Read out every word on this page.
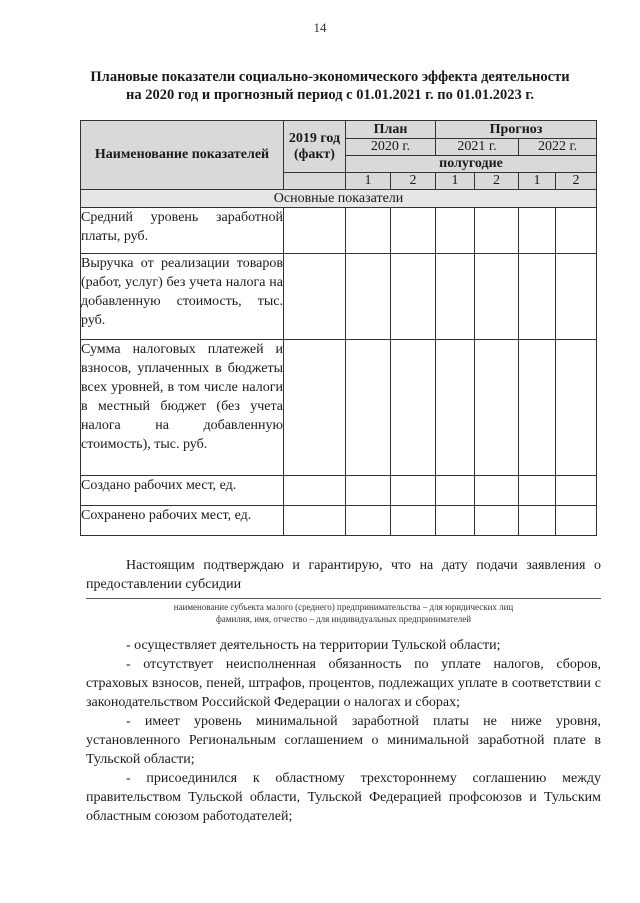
14
Плановые показатели социально-экономического эффекта деятельности
на 2020 год и прогнозный период с 01.01.2021 г. по 01.01.2023 г.
Наименование показателей	2019 год (факт)	План		Прогноз			
		2020 г.		2021 г.		2022 г.	
		полугодие					
		1	2	1	2	1	2
Основные показатели							
Средний уровень заработной платы, руб.							
Выручка от реализации товаров (работ, услуг) без учета налога на добавленную стоимость, тыс. руб.							
Сумма налоговых платежей и взносов, уплаченных в бюджеты всех уровней, в том числе налоги в местный бюджет (без учета налога на добавленную стоимость), тыс. руб.							
Создано рабочих мест, ед.							
Сохранено рабочих мест, ед.							
Настоящим подтверждаю и гарантирую, что на дату подачи заявления о предоставлении субсидии
наименование субъекта малого (среднего) предпринимательства – для юридических лиц
фамилия, имя, отчество – для индивидуальных предпринимателей
- осуществляет деятельность на территории Тульской области;
- отсутствует неисполненная обязанность по уплате налогов, сборов, страховых взносов, пеней, штрафов, процентов, подлежащих уплате в соответствии с законодательством Российской Федерации о налогах и сборах;
- имеет уровень минимальной заработной платы не ниже уровня, установленного Региональным соглашением о минимальной заработной плате в Тульской области;
- присоединился к областному трехстороннему соглашению между правительством Тульской области, Тульской Федерацией профсоюзов и Тульским областным союзом работодателей;
